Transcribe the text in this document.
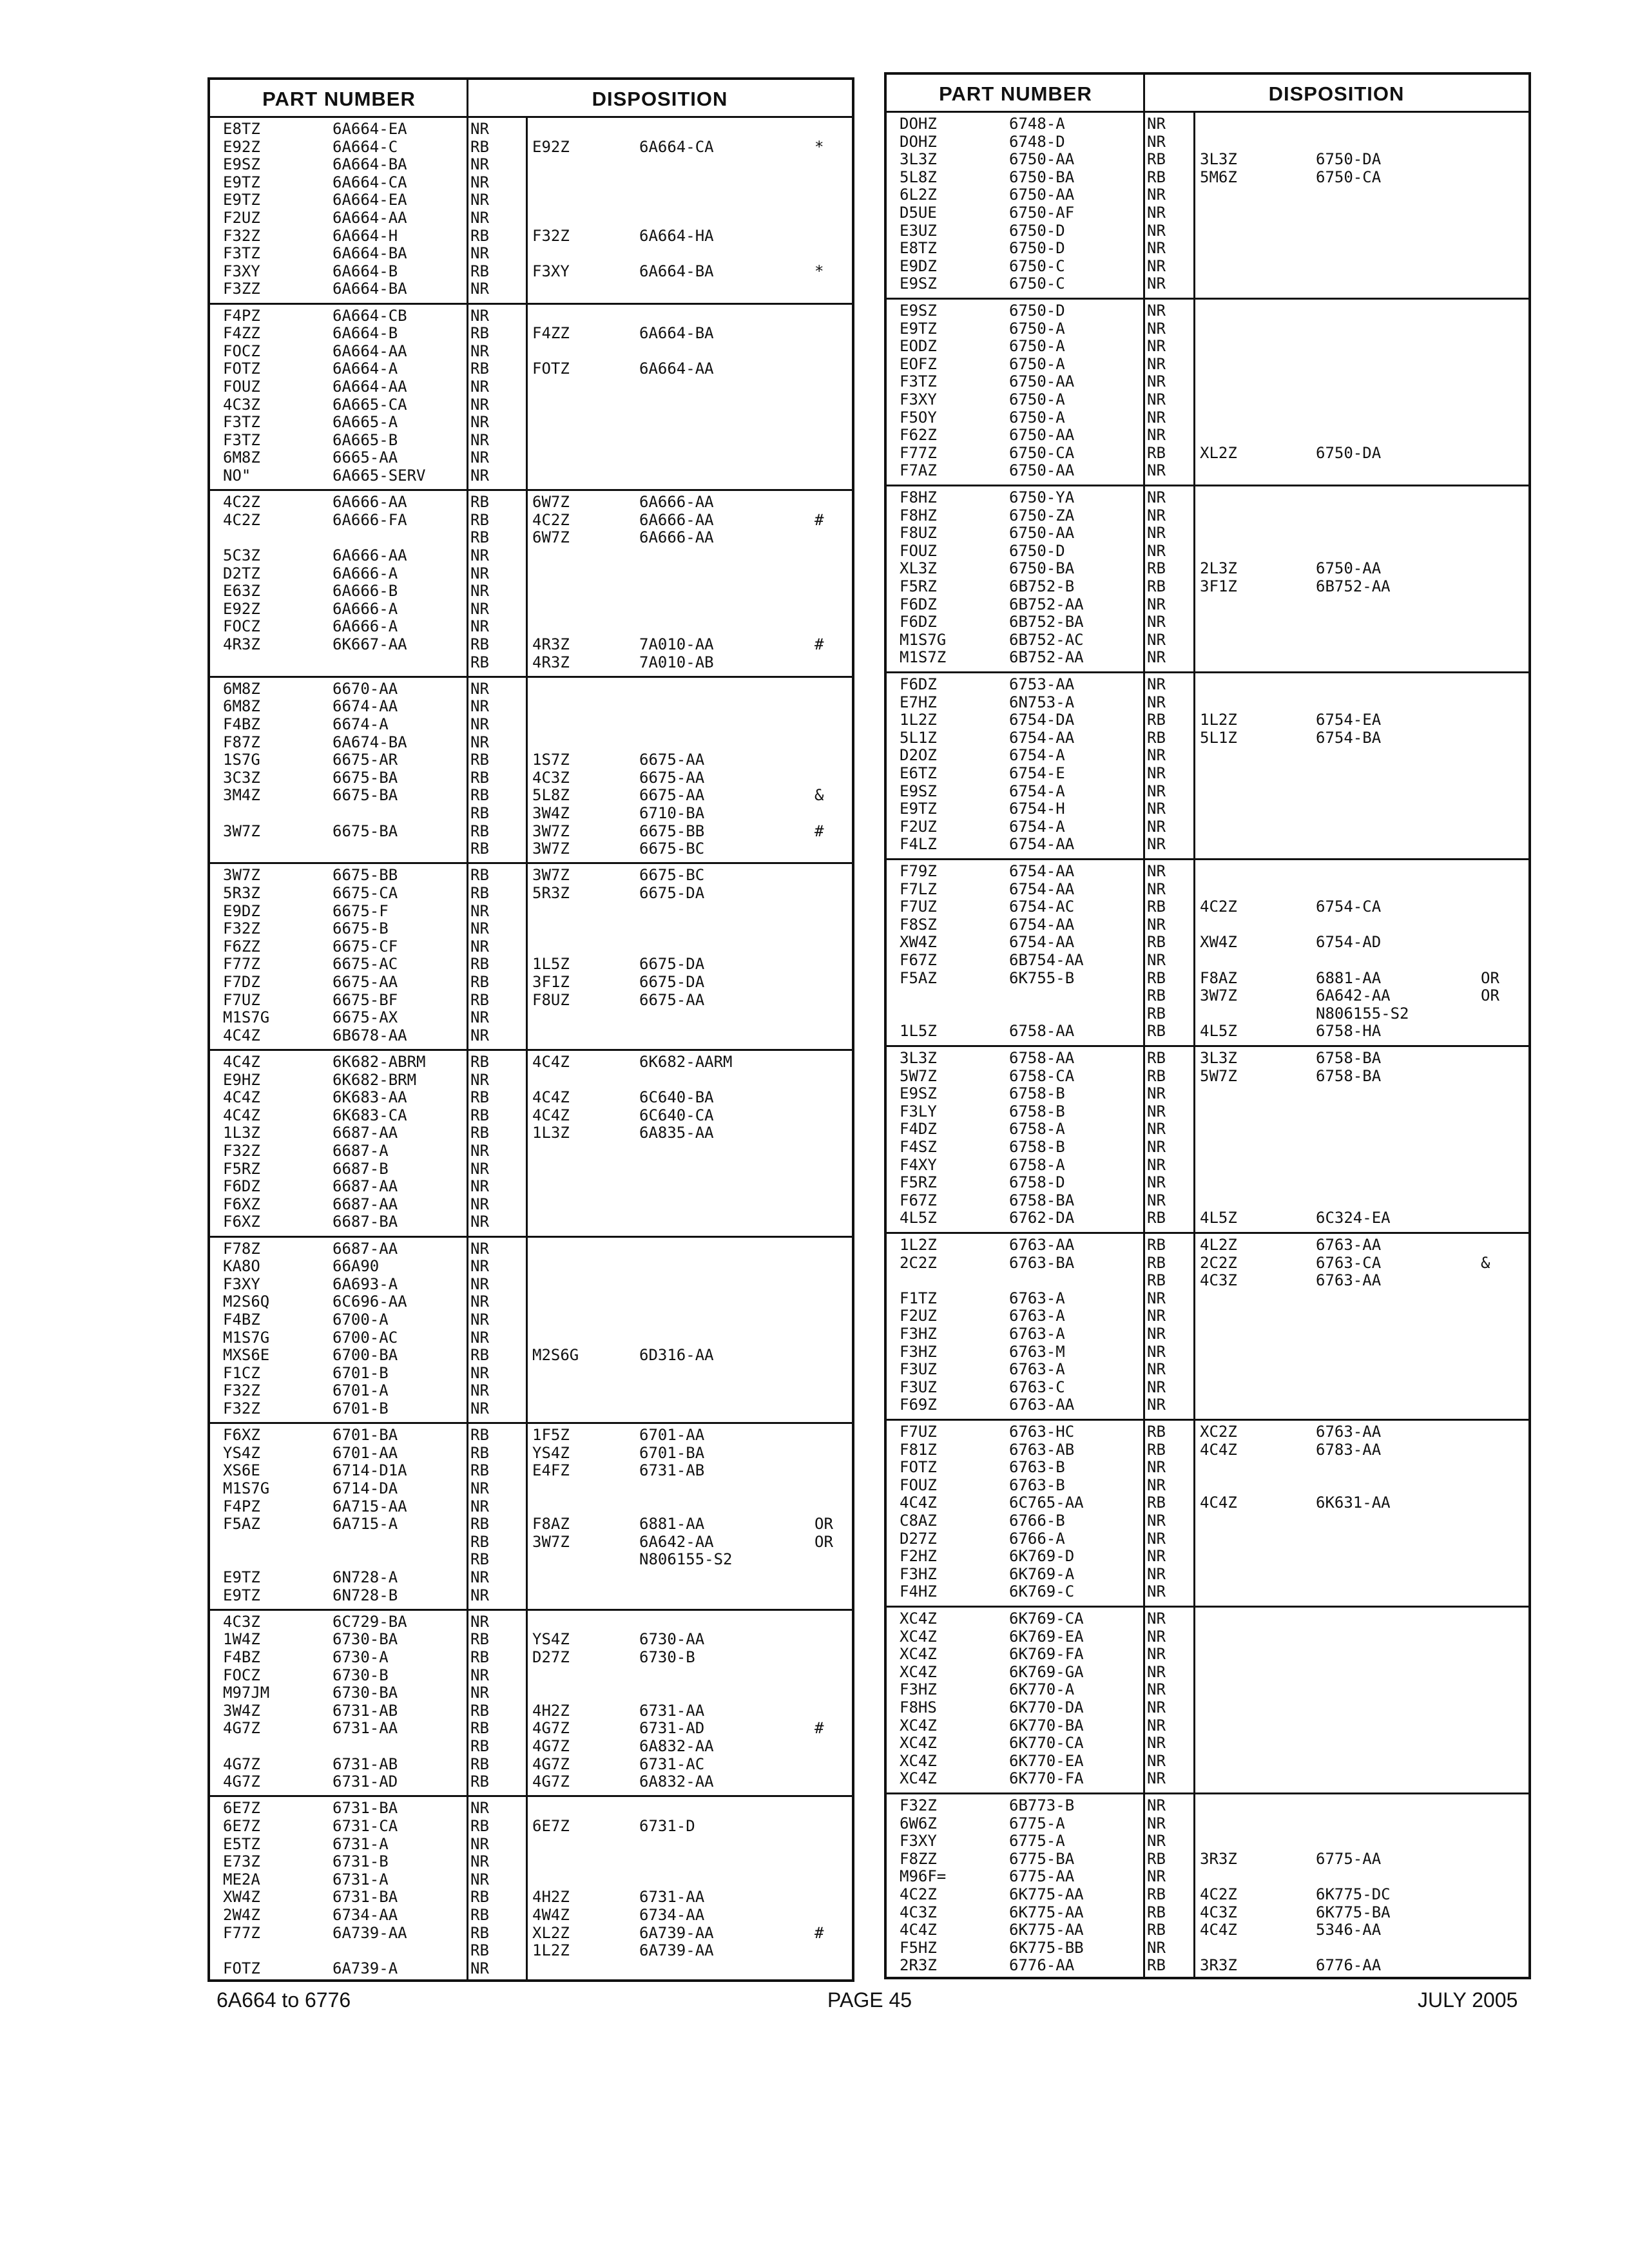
PART NUMBER	DISPOSITION
E8TZ	6A664-EA	NR
E92Z	6A664-C	RB	E92Z	6A664-CA	*
E9SZ	6A664-BA	NR
E9TZ	6A664-CA	NR
E9TZ	6A664-EA	NR
F2UZ	6A664-AA	NR
F32Z	6A664-H	RB	F32Z	6A664-HA
F3TZ	6A664-BA	NR
F3XY	6A664-B	RB	F3XY	6A664-BA	*
F3ZZ	6A664-BA	NR
F4PZ	6A664-CB	NR
F4ZZ	6A664-B	RB	F4ZZ	6A664-BA
FOCZ	6A664-AA	NR
FOTZ	6A664-A	RB	FOTZ	6A664-AA
FOUZ	6A664-AA	NR
4C3Z	6A665-CA	NR
F3TZ	6A665-A	NR
F3TZ	6A665-B	NR
6M8Z	6665-AA	NR
NO"	6A665-SERV	NR
4C2Z	6A666-AA	RB	6W7Z	6A666-AA
4C2Z	6A666-FA	RB	4C2Z	6A666-AA	#
RB	6W7Z	6A666-AA
5C3Z	6A666-AA	NR
D2TZ	6A666-A	NR
E63Z	6A666-B	NR
E92Z	6A666-A	NR
FOCZ	6A666-A	NR
4R3Z	6K667-AA	RB	4R3Z	7A010-AA	#
RB	4R3Z	7A010-AB
6M8Z	6670-AA	NR
6M8Z	6674-AA	NR
F4BZ	6674-A	NR
F87Z	6A674-BA	NR
1S7G	6675-AR	RB	1S7Z	6675-AA
3C3Z	6675-BA	RB	4C3Z	6675-AA
3M4Z	6675-BA	RB	5L8Z	6675-AA	&
RB	3W4Z	6710-BA
3W7Z	6675-BA	RB	3W7Z	6675-BB	#
RB	3W7Z	6675-BC
3W7Z	6675-BB	RB	3W7Z	6675-BC
5R3Z	6675-CA	RB	5R3Z	6675-DA
E9DZ	6675-F	NR
F32Z	6675-B	NR
F6ZZ	6675-CF	NR
F77Z	6675-AC	RB	1L5Z	6675-DA
F7DZ	6675-AA	RB	3F1Z	6675-DA
F7UZ	6675-BF	RB	F8UZ	6675-AA
M1S7G	6675-AX	NR
4C4Z	6B678-AA	NR
4C4Z	6K682-ABRM	RB	4C4Z	6K682-AARM
E9HZ	6K682-BRM	NR
4C4Z	6K683-AA	RB	4C4Z	6C640-BA
4C4Z	6K683-CA	RB	4C4Z	6C640-CA
1L3Z	6687-AA	RB	1L3Z	6A835-AA
F32Z	6687-A	NR
F5RZ	6687-B	NR
F6DZ	6687-AA	NR
F6XZ	6687-AA	NR
F6XZ	6687-BA	NR
F78Z	6687-AA	NR
KA8O	66A90	NR
F3XY	6A693-A	NR
M2S6Q	6C696-AA	NR
F4BZ	6700-A	NR
M1S7G	6700-AC	NR
MXS6E	6700-BA	RB	M2S6G	6D316-AA
F1CZ	6701-B	NR
F32Z	6701-A	NR
F32Z	6701-B	NR
F6XZ	6701-BA	RB	1F5Z	6701-AA
YS4Z	6701-AA	RB	YS4Z	6701-BA
XS6E	6714-D1A	RB	E4FZ	6731-AB
M1S7G	6714-DA	NR
F4PZ	6A715-AA	NR
F5AZ	6A715-A	RB	F8AZ	6881-AA	OR
RB	3W7Z	6A642-AA	OR
RB	N806155-S2
E9TZ	6N728-A	NR
E9TZ	6N728-B	NR
4C3Z	6C729-BA	NR
1W4Z	6730-BA	RB	YS4Z	6730-AA
F4BZ	6730-A	RB	D27Z	6730-B
FOCZ	6730-B	NR
M97JM	6730-BA	NR
3W4Z	6731-AB	RB	4H2Z	6731-AA
4G7Z	6731-AA	RB	4G7Z	6731-AD	#
RB	4G7Z	6A832-AA
4G7Z	6731-AB	RB	4G7Z	6731-AC
4G7Z	6731-AD	RB	4G7Z	6A832-AA
6E7Z	6731-BA	NR
6E7Z	6731-CA	RB	6E7Z	6731-D
E5TZ	6731-A	NR
E73Z	6731-B	NR
ME2A	6731-A	NR
XW4Z	6731-BA	RB	4H2Z	6731-AA
2W4Z	6734-AA	RB	4W4Z	6734-AA
F77Z	6A739-AA	RB	XL2Z	6A739-AA	#
RB	1L2Z	6A739-AA
FOTZ	6A739-A	NR
PART NUMBER	DISPOSITION
DOHZ	6748-A	NR
DOHZ	6748-D	NR
3L3Z	6750-AA	RB 3L3Z	6750-DA
5L8Z	6750-BA	RB 5M6Z	6750-CA
6L2Z	6750-AA	NR
D5UE	6750-AF	NR
E3UZ	6750-D	NR
E8TZ	6750-D	NR
E9DZ	6750-C	NR
E9SZ	6750-C	NR
E9SZ	6750-D	NR
E9TZ	6750-A	NR
EODZ	6750-A	NR
EOFZ	6750-A	NR
F3TZ	6750-AA	NR
F3XY	6750-A	NR
F5OY	6750-A	NR
F62Z	6750-AA	NR
F77Z	6750-CA	RB XL2Z	6750-DA
F7AZ	6750-AA	NR
F8HZ	6750-YA	NR
F8HZ	6750-ZA	NR
F8UZ	6750-AA	NR
FOUZ	6750-D	NR
XL3Z	6750-BA	RB 2L3Z	6750-AA
F5RZ	6B752-B	RB 3F1Z	6B752-AA
F6DZ	6B752-AA	NR
F6DZ	6B752-BA	NR
M1S7G	6B752-AC	NR
M1S7Z	6B752-AA	NR
F6DZ	6753-AA	NR
E7HZ	6N753-A	NR
1L2Z	6754-DA	RB 1L2Z	6754-EA
5L1Z	6754-AA	RB 5L1Z	6754-BA
D2OZ	6754-A	NR
E6TZ	6754-E	NR
E9SZ	6754-A	NR
E9TZ	6754-H	NR
F2UZ	6754-A	NR
F4LZ	6754-AA	NR
F79Z	6754-AA	NR
F7LZ	6754-AA	NR
F7UZ	6754-AC	RB 4C2Z	6754-CA
F8SZ	6754-AA	NR
XW4Z	6754-AA	RB XW4Z	6754-AD
F67Z	6B754-AA	NR
F5AZ	6K755-B	RB F8AZ	6881-AA	OR
RB 3W7Z	6A642-AA	OR
RB	N806155-S2
1L5Z	6758-AA	RB 4L5Z	6758-HA
3L3Z	6758-AA	RB 3L3Z	6758-BA
5W7Z	6758-CA	RB 5W7Z	6758-BA
E9SZ	6758-B	NR
F3LY	6758-B	NR
F4DZ	6758-A	NR
F4SZ	6758-B	NR
F4XY	6758-A	NR
F5RZ	6758-D	NR
F67Z	6758-BA	NR
4L5Z	6762-DA	RB 4L5Z	6C324-EA
1L2Z	6763-AA	RB 4L2Z	6763-AA
2C2Z	6763-BA	RB 2C2Z	6763-CA	&
RB 4C3Z	6763-AA
F1TZ	6763-A	NR
F2UZ	6763-A	NR
F3HZ	6763-A	NR
F3HZ	6763-M	NR
F3UZ	6763-A	NR
F3UZ	6763-C	NR
F69Z	6763-AA	NR
F7UZ	6763-HC	RB XC2Z	6763-AA
F81Z	6763-AB	RB 4C4Z	6783-AA
FOTZ	6763-B	NR
FOUZ	6763-B	NR
4C4Z	6C765-AA	RB 4C4Z	6K631-AA
C8AZ	6766-B	NR
D27Z	6766-A	NR
F2HZ	6K769-D	NR
F3HZ	6K769-A	NR
F4HZ	6K769-C	NR
XC4Z	6K769-CA	NR
XC4Z	6K769-EA	NR
XC4Z	6K769-FA	NR
XC4Z	6K769-GA	NR
F3HZ	6K770-A	NR
F8HS	6K770-DA	NR
XC4Z	6K770-BA	NR
XC4Z	6K770-CA	NR
XC4Z	6K770-EA	NR
XC4Z	6K770-FA	NR
F32Z	6B773-B	NR
6W6Z	6775-A	NR
F3XY	6775-A	NR
F8ZZ	6775-BA	RB 3R3Z	6775-AA
M96F=	6775-AA	NR
4C2Z	6K775-AA	RB 4C2Z	6K775-DC
4C3Z	6K775-AA	RB 4C3Z	6K775-BA
4C4Z	6K775-AA	RB 4C4Z	5346-AA
F5HZ	6K775-BB	NR
2R3Z	6776-AA	RB 3R3Z	6776-AA
6A664 to 6776	PAGE 45	JULY 2005
